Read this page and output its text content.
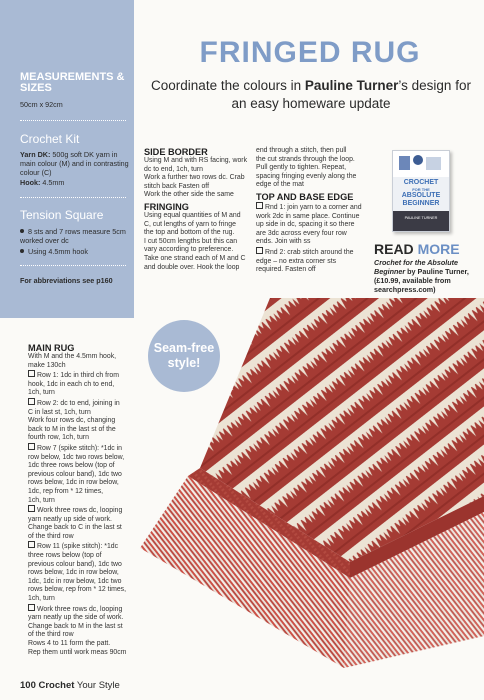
MEASUREMENTS & SIZES
50cm x 92cm
Crochet Kit
Yarn DK: 500g soft DK yarn in main colour (M) and in contrasting colour (C)
Hook: 4.5mm
Tension Square
8 sts and 7 rows measure 5cm worked over dc
Using 4.5mm hook
For abbreviations see p160
FRINGED RUG
Coordinate the colours in Pauline Turner’s design for an easy homeware update
SIDE BORDER
Using M and with RS facing, work
dc to end, 1ch, turn
Work a further two rows dc. Crab
stitch back Fasten off
Work the other side the same
FRINGING
Using equal quantities of M and
C, cut lengths of yarn to fringe
the top and bottom of the rug.
I cut 50cm lengths but this can
vary according to preference.
Take one strand each of M and C
and double over. Hook the loop
end through a stitch, then pull
the cut strands through the loop.
Pull gently to tighten. Repeat,
spacing fringing evenly along the
edge of the mat
TOP AND BASE EDGE
Rnd 1: join yarn to a corner and
work 2dc in same place. Continue
up side in dc, spacing it so there
are 3dc across every four row
ends. Join with ss
Rnd 2: crab stitch around the
edge – no extra corner sts
required. Fasten off
CROCHET
FOR THE
ABSOLUTE
BEGINNER
PAULINE TURNER
READ MORE
Crochet for the Absolute Beginner by Pauline Turner, (£10.99, available from searchpress.com)
MAIN RUG
With M and the 4.5mm hook,
make 130ch
Row 1: 1dc in third ch from
hook, 1dc in each ch to end,
1ch, turn
Row 2: dc to end, joining in
C in last st, 1ch, turn
Work four rows dc, changing
back to M in the last st of the
fourth row, 1ch, turn
Row 7 (spike stitch): *1dc in
row below, 1dc two rows below,
1dc three rows below (top of
previous colour band), 1dc two
rows below, 1dc in row below,
1dc, rep from * 12 times,
1ch, turn
Work three rows dc, looping
yarn neatly up side of work.
Change back to C in the last st
of the third row
Row 11 (spike stitch): *1dc
three rows below (top of
previous colour band), 1dc two
rows below, 1dc in row below,
1dc, 1dc in row below, 1dc two
rows below, rep from * 12 times,
1ch, turn
Work three rows dc, looping
yarn neatly up the side of work.
Change back to M in the last st
of the third row
Rows 4 to 11 form the patt.
Rep them until work meas 90cm
Seam-free
style!
100 Crochet Your Style
